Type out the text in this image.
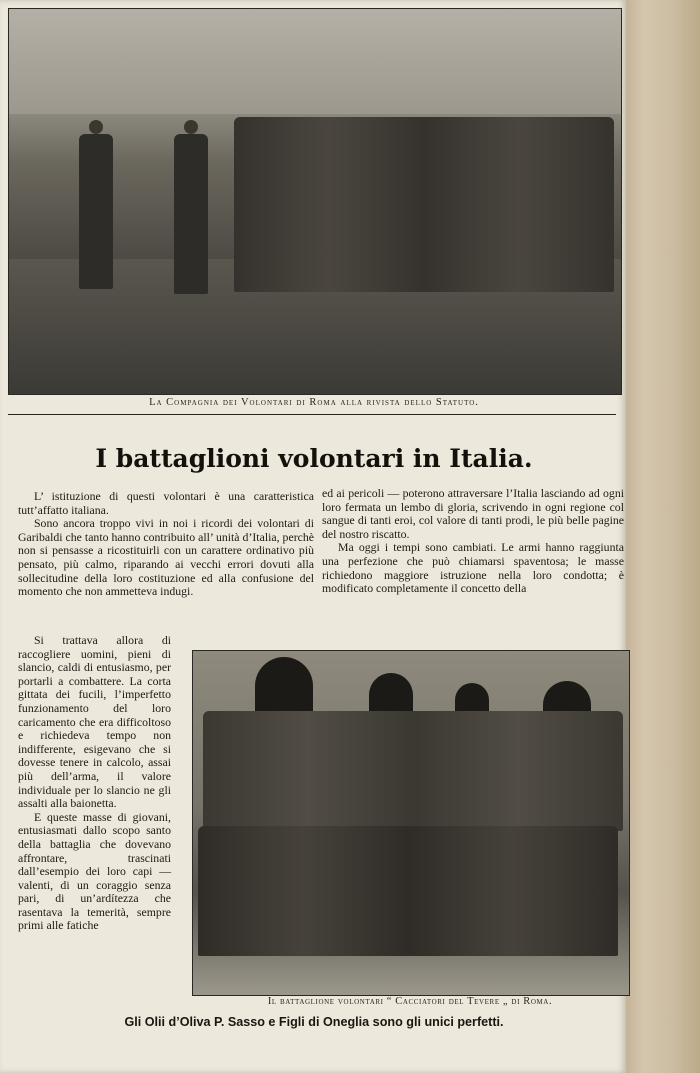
La Compagnia dei Volontari di Roma alla rivista dello Statuto.
I battaglioni volontari in Italia.

L’ istituzione di questi volontari è una caratteristica tutt’affatto italiana.

Sono ancora troppo vivi in noi i ricordi dei volontari di Garibaldi che tanto hanno contribuito all’ unità d’Italia, perchè non si pensasse a ricostituirli con un carattere ordinativo più pensato, più calmo, riparando ai vecchi errori dovuti alla sollecitudine della loro costituzione ed alla confusione del momento che non ammetteva indugi.

ed ai pericoli — poterono attraversare l’Italia lasciando ad ogni loro fermata un lembo di gloria, scrivendo in ogni regione col sangue di tanti eroi, col valore di tanti prodi, le più belle pagine del nostro riscatto.

Ma oggi i tempi sono cambiati. Le armi hanno raggiunta una perfezione che può chiamarsi spaventosa; le masse richiedono maggiore istruzione nella loro condotta; è modificato completamente il concetto della

Si trattava allora di raccogliere uomini, pieni di slancio, caldi di entusiasmo, per portarli a combattere. La corta gittata dei fucili, l’imperfetto funzionamento del loro caricamento che era difficoltoso e richiedeva tempo non indifferente, esigevano che si dovesse tenere in calcolo, assai più dell’arma, il valore individuale per lo slancio ne gli assalti alla baionetta.

E queste masse di giovani, entusiasmati dallo scopo santo della battaglia che dovevano affrontare, trascinati dall’esempio dei loro capi — valenti, di un coraggio senza pari, di un’ardítezza che rasentava la temerità, sempre primi alle fatiche

Il battaglione volontari “ Cacciatori del Tevere „ di Roma.
Gli Olii d’Oliva P. Sasso e Figli di Oneglia sono gli unici perfetti.
